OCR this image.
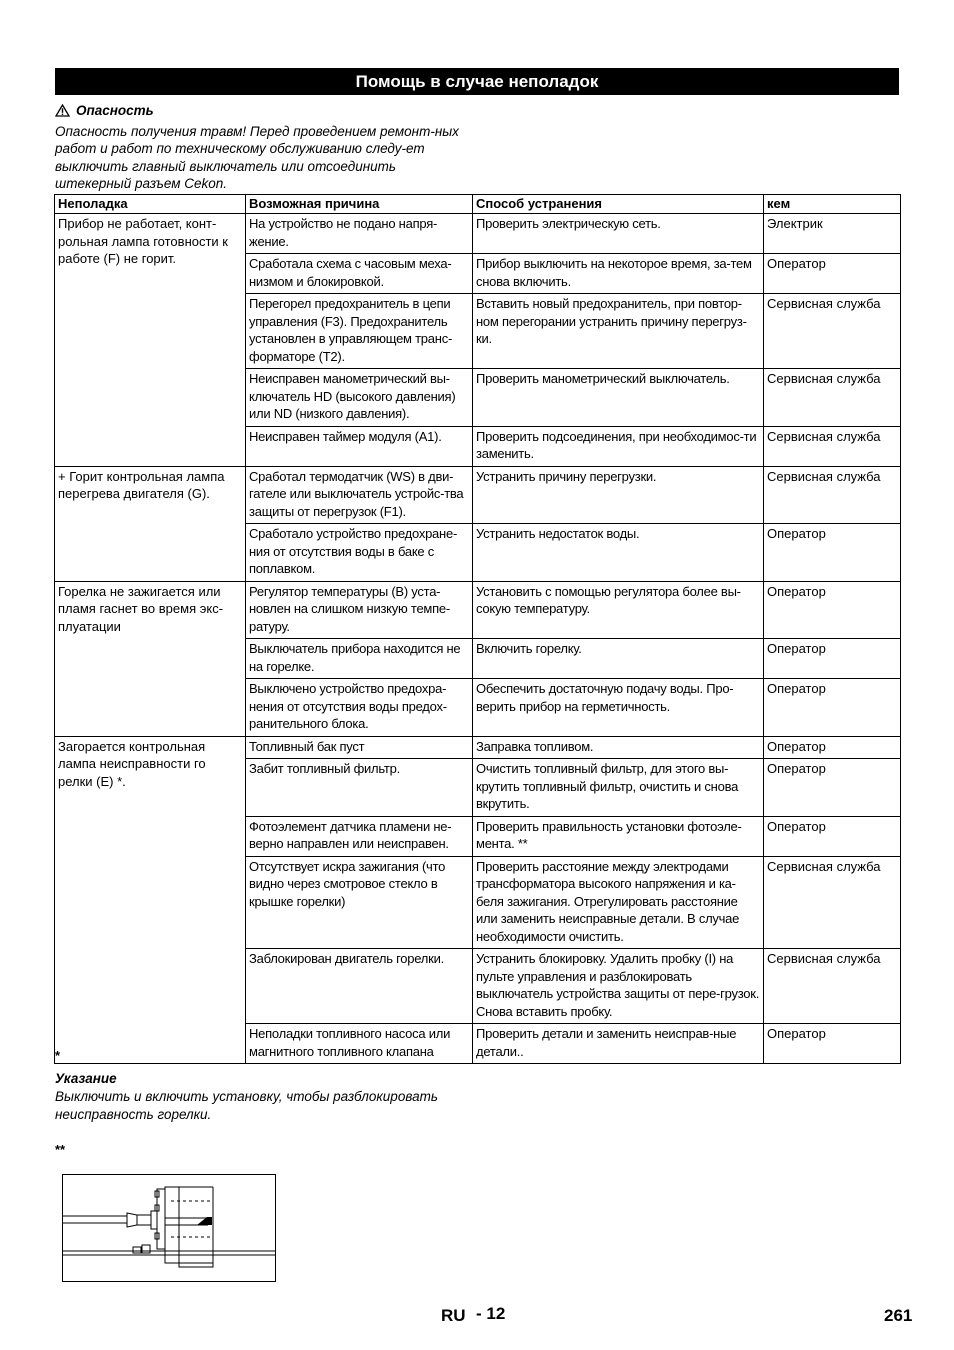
Помощь в случае неполадок
Опасность
Опасность получения травм! Перед проведением ремонт-ных работ и работ по техническому обслуживанию следу-ет выключить главный выключатель или отсоединить штекерный разъем Cekon.
Неполадка	Возможная причина	Способ устранения	кем
Прибор не работает, конт-рольная лампа готовности к работе (F) не горит.	На устройство не подано напря-жение.	Проверить электрическую сеть.	Электрик
	Сработала схема с часовым меха-низмом и блокировкой.	Прибор выключить на некоторое время, за-тем снова включить.	Оператор
	Перегорел предохранитель в цепи управления (F3). Предохранитель установлен в управляющем транс-форматоре (T2).	Вставить новый предохранитель, при повтор-ном перегорании устранить причину перегруз-ки.	Сервисная служба
	Неисправен манометрический вы-ключатель HD (высокого давления) или ND (низкого давления).	Проверить манометрический выключатель.	Сервисная служба
	Неисправен таймер модуля (A1).	Проверить подсоединения, при необходимос-ти заменить.	Сервисная служба
+ Горит контрольная лампа перегрева двигателя (G).	Сработал термодатчик (WS) в дви-гателе или выключатель устройс-тва защиты от перегрузок (F1).	Устранить причину перегрузки.	Сервисная служба
	Сработало устройство предохране-ния от отсутствия воды в баке с поплавком.	Устранить недостаток воды.	Оператор
Горелка не зажигается или пламя гаснет во время экс-плуатации	Регулятор температуры (B) уста-новлен на слишком низкую темпе-ратуру.	Установить с помощью регулятора более вы-сокую температуру.	Оператор
	Выключатель прибора находится не на горелке.	Включить горелку.	Оператор
	Выключено устройство предохра-нения от отсутствия воды предох-ранительного блока.	Обеспечить достаточную подачу воды. Про-верить прибор на герметичность.	Оператор
Загорается контрольная лампа неисправности го релки (E) *.	Топливный бак пуст	Заправка топливом.	Оператор
	Забит топливный фильтр.	Очистить топливный фильтр, для этого вы-крутить топливный фильтр, очистить и снова вкрутить.	Оператор
	Фотоэлемент датчика пламени не-верно направлен или неисправен.	Проверить правильность установки фотоэле-мента. **	Оператор
	Отсутствует искра зажигания (что видно через смотровое стекло в крышке горелки)	Проверить расстояние между электродами трансформатора высокого напряжения и ка-беля зажигания. Отрегулировать расстояние или заменить неисправные детали. В случае необходимости очистить.	Сервисная служба
	Заблокирован двигатель горелки.	Устранить блокировку. Удалить пробку (I) на пульте управления и разблокировать выключатель устройства защиты от пере-грузок. Снова вставить пробку.	Сервисная служба
	Неполадки топливного насоса или магнитного топливного клапана	Проверить детали и заменить неисправ-ные детали..	Оператор
*
Указание
Выключить и включить установку, чтобы разблокировать неисправность горелки.
**
RU - 12	261
